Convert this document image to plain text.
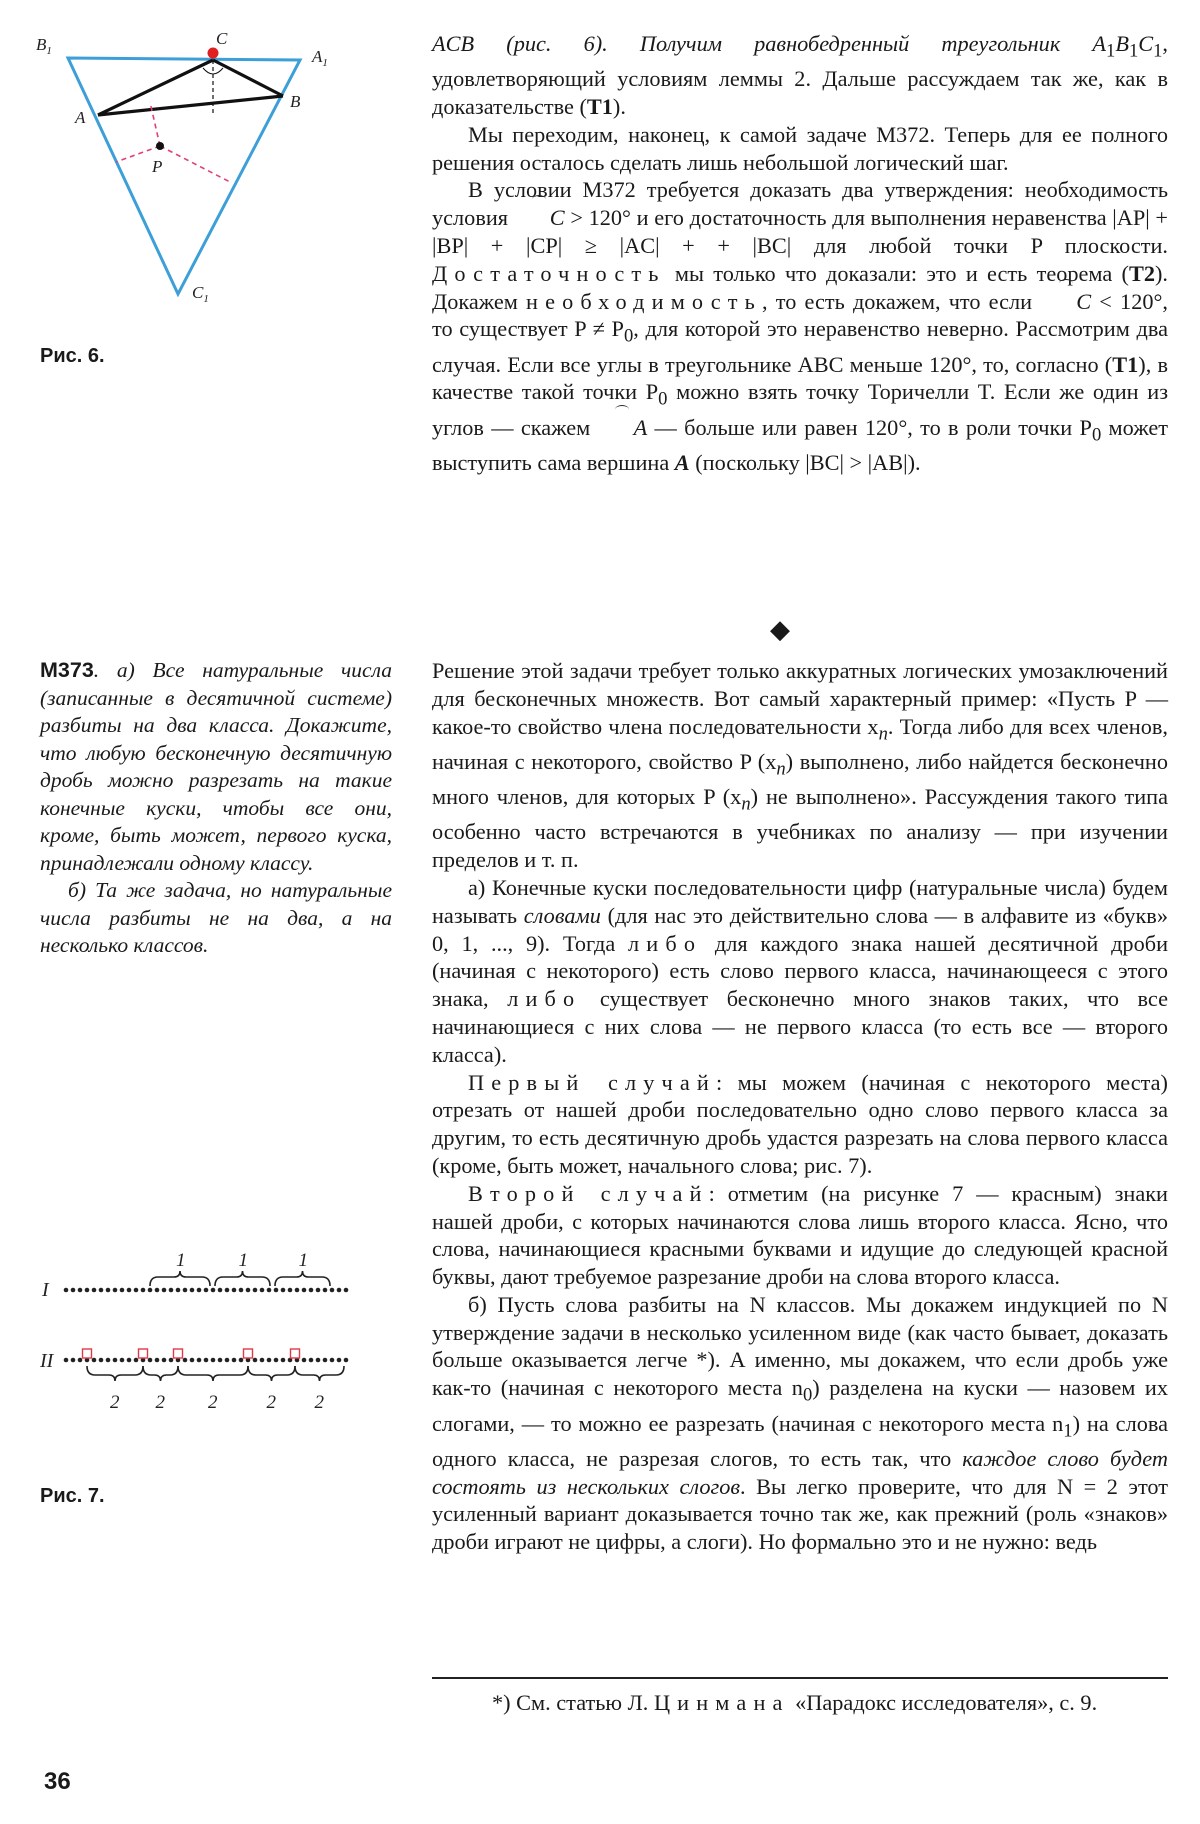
$B_1$
C
$A_1$
A
B
P
$C_1$
Рис. 6.

ACB (рис. 6). Получим равнобедренный треугольник $A_1B_1C_1$, удовлетворяющий условиям леммы 2. Дальше рассуждаем так же, как в доказательстве (T1).

Мы переходим, наконец, к самой задаче М372. Теперь для ее полного решения осталось сделать лишь небольшой логический шаг.

В условии М372 требуется доказать два утверждения: необходимость условия C > 120° и его достаточность для выполнения неравенства |AP| + |BP| + |CP| ≥ |AC| + + |BC| для любой точки P плоскости. Достаточность мы только что доказали: это и есть теорема (T2). Докажем необходимость, то есть докажем, что если C < 120°, то существует $P \ne P_0$, для которой это неравенство неверно. Рассмотрим два случая. Если все углы в треугольнике ABC меньше 120°, то, согласно (T1), в качестве такой точки $P_0$ можно взять точку Торичелли T. Если же один из углов — скажем A — больше или равен 120°, то в роли точки $P_0$ может выступить сама вершина A (поскольку |BC| > |AB|).

◆

М373. а) Все натуральные числа (записанные в десятичной системе) разбиты на два класса. Докажите, что любую бесконечную десятичную дробь можно разрезать на такие конечные куски, чтобы все они, кроме, быть может, первого куска, принадлежали одному классу.

б) Та же задача, но натуральные числа разбиты не на два, а на несколько классов.

Решение этой задачи требует только аккуратных логических умозаключений для бесконечных множеств. Вот самый характерный пример: «Пусть P — какое-то свойство члена последовательности $x_n$. Тогда либо для всех членов, начиная с некоторого, свойство P $(x_n)$ выполнено, либо найдется бесконечно много членов, для которых P $(x_n)$ не выполнено». Рассуждения такого типа особенно часто встречаются в учебниках по анализу — при изучении пределов и т. п.

а) Конечные куски последовательности цифр (натуральные числа) будем называть словами (для нас это действительно слова — в алфавите из «букв» 0, 1, ..., 9). Тогда либо для каждого знака нашей десятичной дроби (начиная с некоторого) есть слово первого класса, начинающееся с этого знака, либо существует бесконечно много знаков таких, что все начинающиеся с них слова — не первого класса (то есть все — второго класса).

Первый случай: мы можем (начиная с некоторого места) отрезать от нашей дроби последовательно одно слово первого класса за другим, то есть десятичную дробь удастся разрезать на слова первого класса (кроме, быть может, начального слова; рис. 7).

Второй случай: отметим (на рисунке 7 — красным) знаки нашей дроби, с которых начинаются слова лишь второго класса. Ясно, что слова, начинающиеся красными буквами и идущие до следующей красной буквы, дают требуемое разрезание дроби на слова второго класса.

б) Пусть слова разбиты на N классов. Мы докажем индукцией по N утверждение задачи в несколько усиленном виде (как часто бывает, доказать больше оказывается легче *). А именно, мы докажем, что если дробь уже как-то (начиная с некоторого места $n_0$) разделена на куски — назовем их слогами, — то можно ее разрезать (начиная с некоторого места $n_1$) на слова одного класса, не разрезая слогов, то есть так, что каждое слово будет состоять из нескольких слогов. Вы легко проверите, что для N = 2 этот усиленный вариант доказывается точно так же, как прежний (роль «знаков» дроби играют не цифры, а слоги). Но формально это и не нужно: ведь

I
II
1	1	1
2 2 2	2 2
Рис. 7.

*) См. статью Л. Цинмана «Парадокс исследователя», с. 9.

36
